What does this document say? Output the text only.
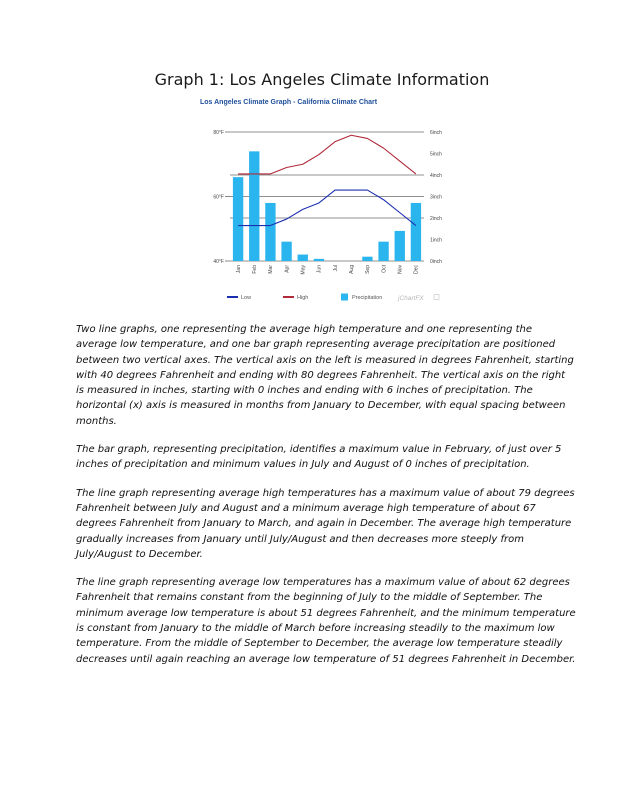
Graph 1: Los Angeles Climate Information
Los Angeles Climate Graph - California Climate Chart
40°F
60°F
80°F
0inch
1inch
2inch
3inch
4inch
5inch
6inch
Jan Feb Mar Apr May Jun Jul Aug Sep Oct Nov Dec
Low	High	Precipitation jChartFX

Two line graphs, one representing the average high temperature and one representing the average low temperature, and one bar graph representing average precipitation are positioned between two vertical axes. The vertical axis on the left is measured in degrees Fahrenheit, starting with 40 degrees Fahrenheit and ending with 80 degrees Fahrenheit. The vertical axis on the right is measured in inches, starting with 0 inches and ending with 6 inches of precipitation. The horizontal (x) axis is measured in months from January to December, with equal spacing between months.

The bar graph, representing precipitation, identifies a maximum value in February, of just over 5 inches of precipitation and minimum values in July and August of 0 inches of precipitation.

The line graph representing average high temperatures has a maximum value of about 79 degrees Fahrenheit between July and August and a minimum average high temperature of about 67 degrees Fahrenheit from January to March, and again in December. The average high temperature gradually increases from January until July/August and then decreases more steeply from July/August to December.

The line graph representing average low temperatures has a maximum value of about 62 degrees Fahrenheit that remains constant from the beginning of July to the middle of September. The minimum average low temperature is about 51 degrees Fahrenheit, and the minimum temperature is constant from January to the middle of March before increasing steadily to the maximum low temperature. From the middle of September to December, the average low temperature steadily decreases until again reaching an average low temperature of 51 degrees Fahrenheit in December.
